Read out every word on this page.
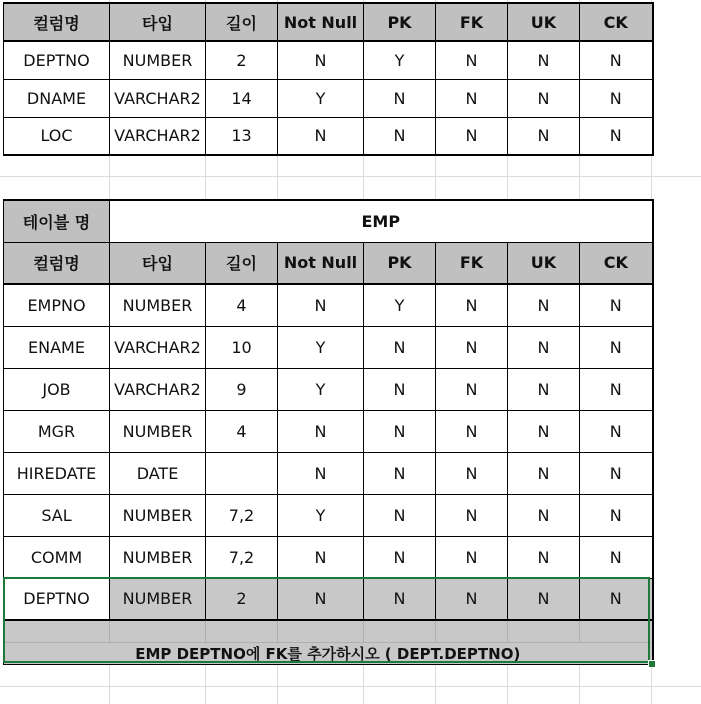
컬럼명	타입	길이	Not Null	PK	FK	UK	CK
DEPTNO	NUMBER	2	N	Y	N	N	N
DNAME	VARCHAR2	14	Y	N	N	N	N
LOC	VARCHAR2	13	N	N	N	N	N
테이블 명	EMP						
컬럼명	타입	길이	Not Null	PK	FK	UK	CK
EMPNO	NUMBER	4	N	Y	N	N	N
ENAME	VARCHAR2	10	Y	N	N	N	N
JOB	VARCHAR2	9	Y	N	N	N	N
MGR	NUMBER	4	N	N	N	N	N
HIREDATE	DATE		N	N	N	N	N
SAL	NUMBER	7,2	Y	N	N	N	N
COMM	NUMBER	7,2	N	N	N	N	N
DEPTNO	NUMBER	2	N	N	N	N	N

EMP DEPTNO에 FK를 추가하시오 ( DEPT.DEPTNO)							
